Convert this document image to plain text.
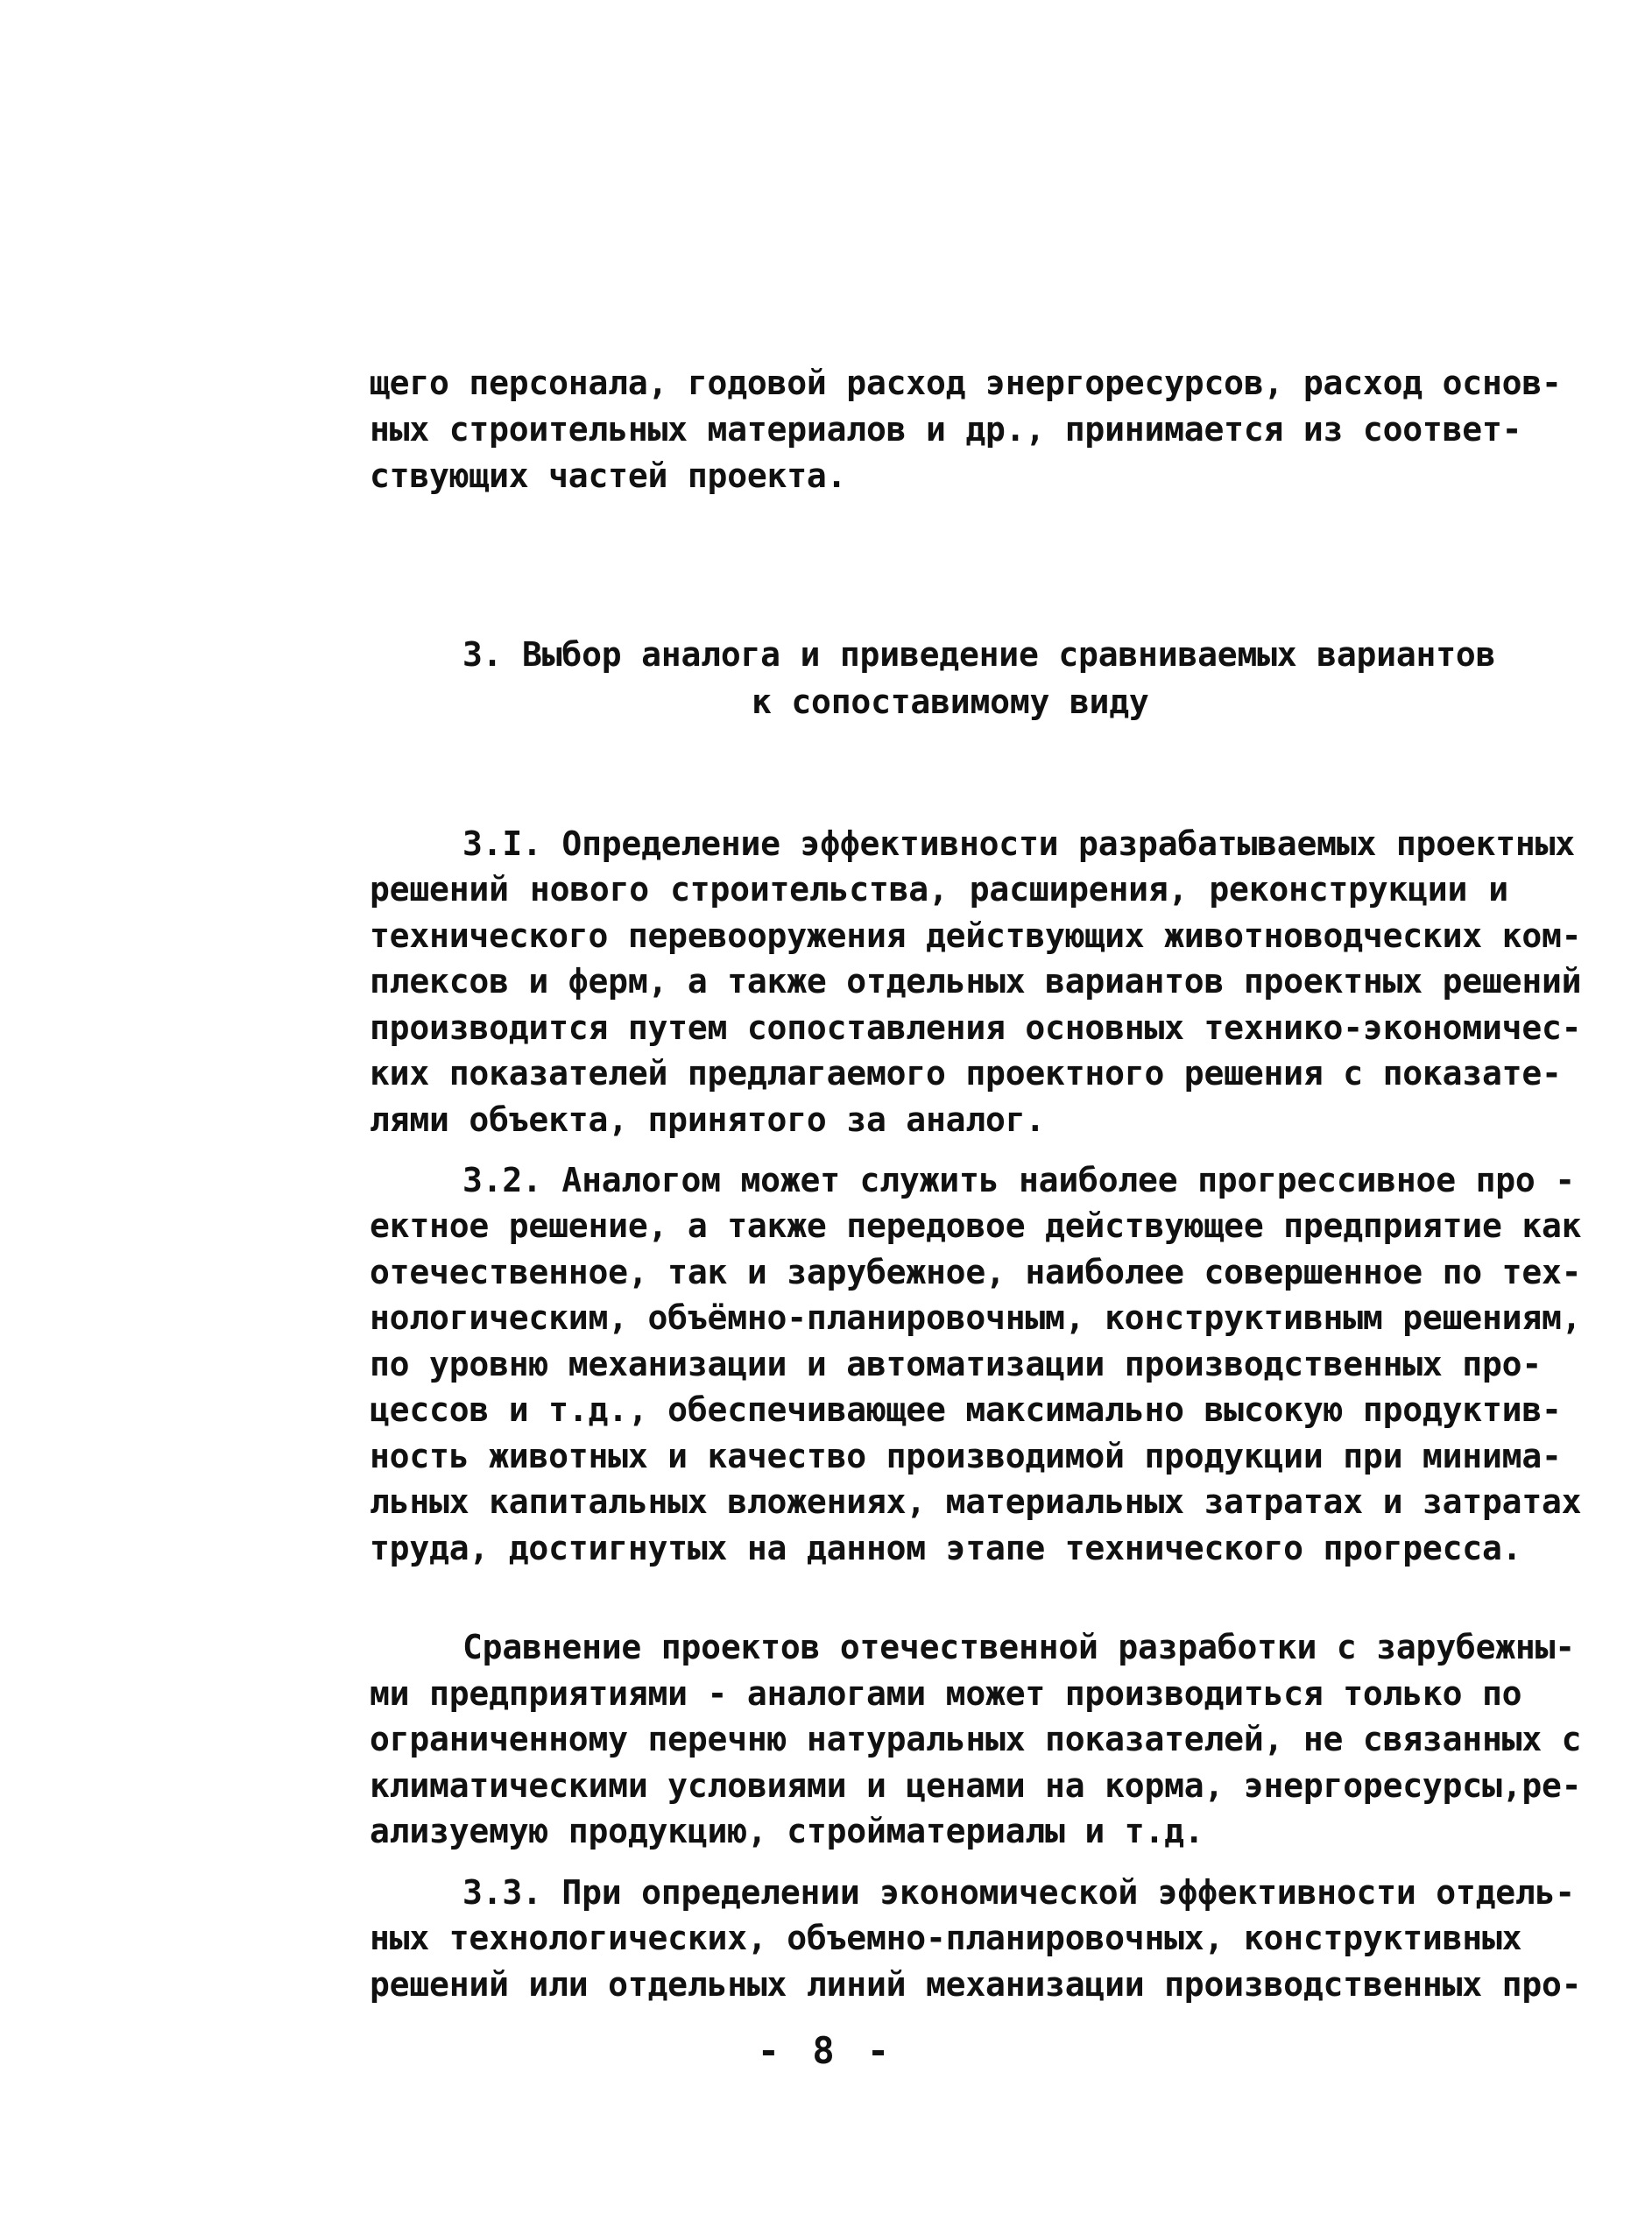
щего персонала, годовой расход энергоресурсов, расход основ-
ных строительных материалов и др., принимается из соответ-
ствующих частей проекта.
3. Выбор аналога и приведение сравниваемых вариантов
к сопоставимому виду
3.I. Определение эффективности разрабатываемых проектных
решений нового строительства, расширения, реконструкции и
технического перевооружения действующих животноводческих ком-
плексов и ферм, а также отдельных вариантов проектных решений
производится путем сопоставления основных технико-экономичес-
ких показателей предлагаемого проектного решения с показате-
лями объекта, принятого за аналог.
3.2. Аналогом может служить наиболее прогрессивное про -
ектное решение, а также передовое действующее предприятие как
отечественное, так и зарубежное, наиболее совершенное по тех-
нологическим, объёмно-планировочным, конструктивным решениям,
по уровню механизации и автоматизации производственных про-
цессов и т.д., обеспечивающее максимально высокую продуктив-
ность животных и качество производимой продукции при минима-
льных капитальных вложениях, материальных затратах и затратах
труда, достигнутых на данном этапе технического прогресса.
Сравнение проектов отечественной разработки с зарубежны-
ми предприятиями - аналогами может производиться только по
ограниченному перечню натуральных показателей, не связанных с
климатическими условиями и ценами на корма, энергоресурсы,ре-
ализуемую продукцию, стройматериалы и т.д.
3.3. При определении экономической эффективности отдель-
ных технологических, объемно-планировочных, конструктивных
решений или отдельных линий механизации производственных про-
- 8 -
